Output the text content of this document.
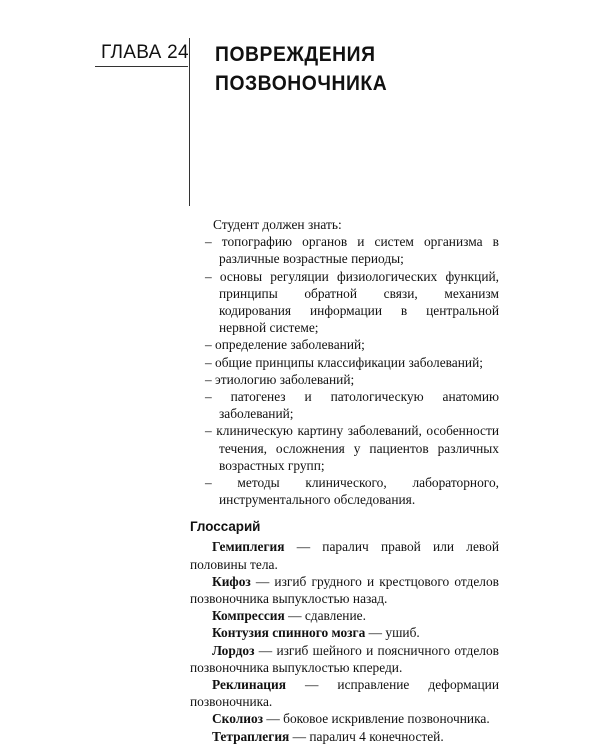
ГЛАВА 24 ПОВРЕЖДЕНИЯ
ПОЗВОНОЧНИКА

Студент должен знать:

– топографию органов и систем организма в различные возрастные периоды;
– основы регуляции физиологических функций, принципы обратной связи, механизм кодирования информации в центральной нервной системе;
– определение заболеваний;
– общие принципы классификации заболеваний;
– этиологию заболеваний;
– патогенез и патологическую анатомию заболеваний;
– клиническую картину заболеваний, особенности течения, осложнения у пациентов различных возрастных групп;
– методы клинического, лабораторного, инструментального обследования.
Глоссарий

Гемиплегия — паралич правой или левой половины тела.

Кифоз — изгиб грудного и крестцового отделов позвоночника выпуклостью назад.

Компрессия — сдавление.

Контузия спинного мозга — ушиб.

Лордоз — изгиб шейного и поясничного отделов позвоночника выпуклостью кпереди.

Реклинация — исправление деформации позвоночника.

Сколиоз — боковое искривление позвоночника.

Тетраплегия — паралич 4 конечностей.
